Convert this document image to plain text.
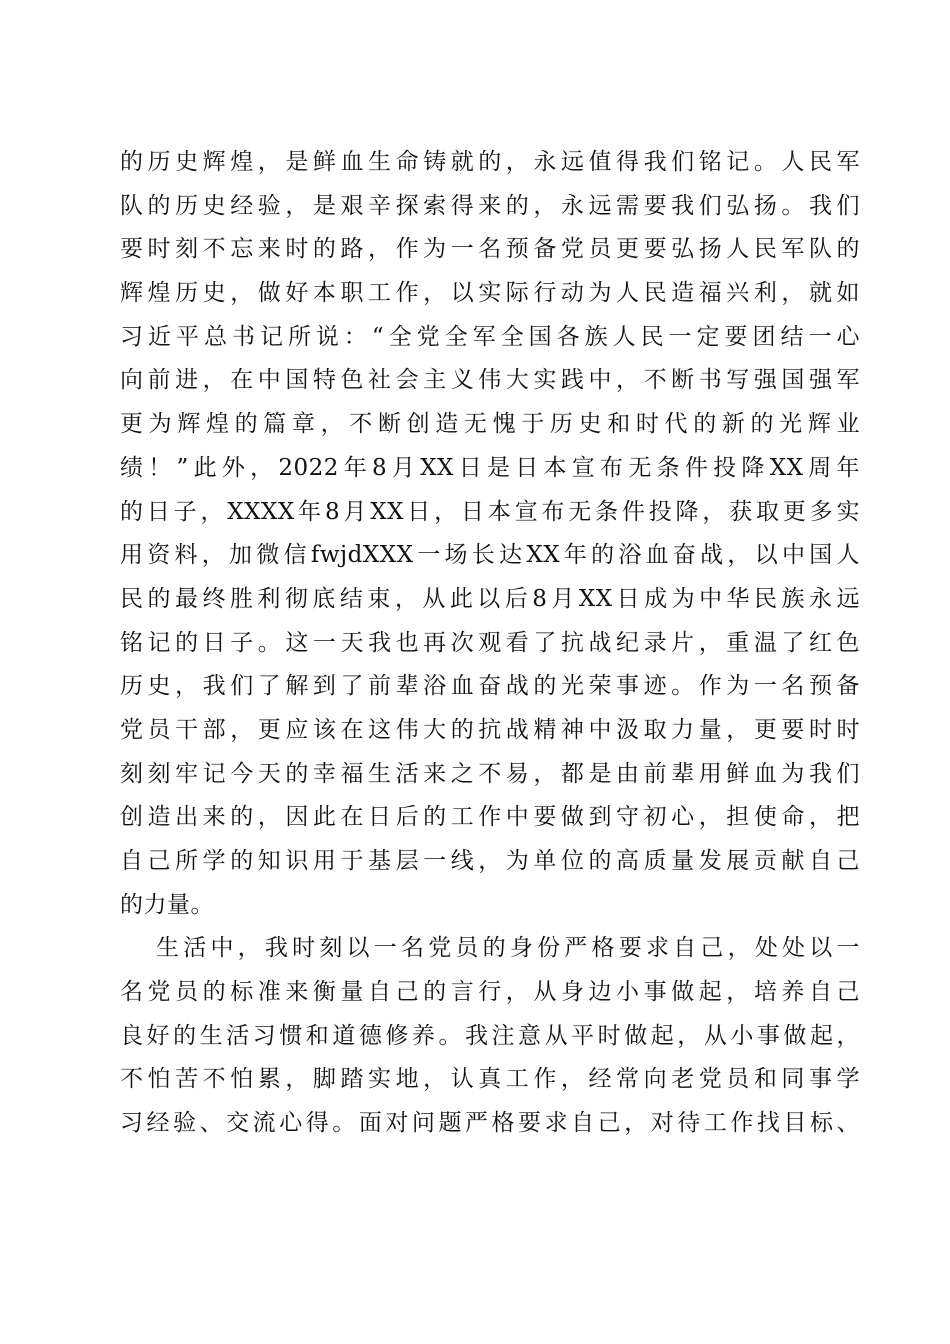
的历史辉煌，是鲜血生命铸就的，永远值得我们铭记。人民军
队的历史经验，是艰辛探索得来的，永远需要我们弘扬。我们
要时刻不忘来时的路，作为一名预备党员更要弘扬人民军队的
辉煌历史，做好本职工作，以实际行动为人民造福兴利，就如
习近平总书记所说：“全党全军全国各族人民一定要团结一心
向前进，在中国特色社会主义伟大实践中，不断书写强国强军
更为辉煌的篇章，不断创造无愧于历史和时代的新的光辉业
绩！”此外，2022年8月XX日是日本宣布无条件投降XX周年
的日子，XXXX年8月XX日，日本宣布无条件投降，获取更多实
用资料，加微信fwjdXXX一场长达XX年的浴血奋战，以中国人
民的最终胜利彻底结束，从此以后8月XX日成为中华民族永远
铭记的日子。这一天我也再次观看了抗战纪录片，重温了红色
历史，我们了解到了前辈浴血奋战的光荣事迹。作为一名预备
党员干部，更应该在这伟大的抗战精神中汲取力量，更要时时
刻刻牢记今天的幸福生活来之不易，都是由前辈用鲜血为我们
创造出来的，因此在日后的工作中要做到守初心，担使命，把
自己所学的知识用于基层一线，为单位的高质量发展贡献自己
的力量。
生活中，我时刻以一名党员的身份严格要求自己，处处以一
名党员的标准来衡量自己的言行，从身边小事做起，培养自己
良好的生活习惯和道德修养。我注意从平时做起，从小事做起，
不怕苦不怕累，脚踏实地，认真工作，经常向老党员和同事学
习经验、交流心得。面对问题严格要求自己，对待工作找目标、
